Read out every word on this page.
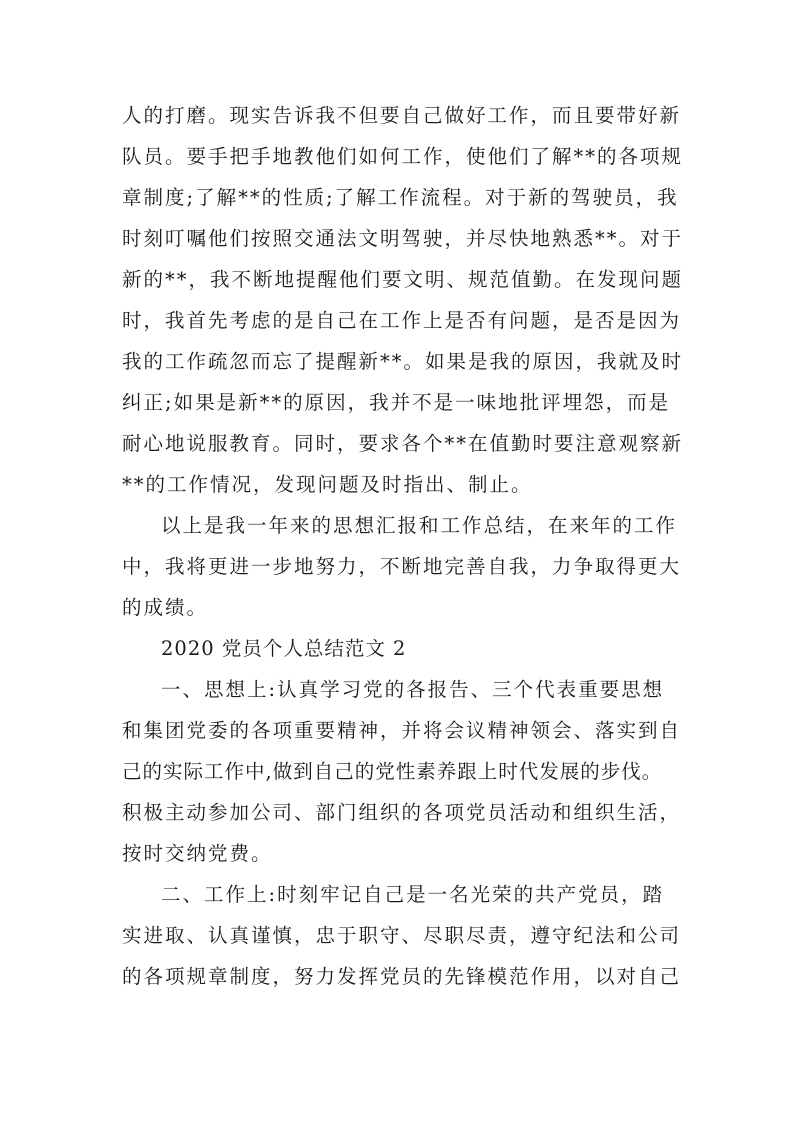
人的打磨。现实告诉我不但要自己做好工作，而且要带好新
队员。要手把手地教他们如何工作，使他们了解**的各项规
章制度;了解**的性质;了解工作流程。对于新的驾驶员，我
时刻叮嘱他们按照交通法文明驾驶，并尽快地熟悉**。对于
新的**，我不断地提醒他们要文明、规范值勤。在发现问题
时，我首先考虑的是自己在工作上是否有问题，是否是因为
我的工作疏忽而忘了提醒新**。如果是我的原因，我就及时
纠正;如果是新**的原因，我并不是一味地批评埋怨，而是
耐心地说服教育。同时，要求各个**在值勤时要注意观察新
**的工作情况，发现问题及时指出、制止。
以上是我一年来的思想汇报和工作总结，在来年的工作
中，我将更进一步地努力，不断地完善自我，力争取得更大
的成绩。
2020 党员个人总结范文 2
一、思想上:认真学习党的各报告、三个代表重要思想
和集团党委的各项重要精神，并将会议精神领会、落实到自
己的实际工作中,做到自己的党性素养跟上时代发展的步伐。
积极主动参加公司、部门组织的各项党员活动和组织生活，
按时交纳党费。
二、工作上:时刻牢记自己是一名光荣的共产党员，踏
实进取、认真谨慎，忠于职守、尽职尽责，遵守纪法和公司
的各项规章制度，努力发挥党员的先锋模范作用，以对自己
